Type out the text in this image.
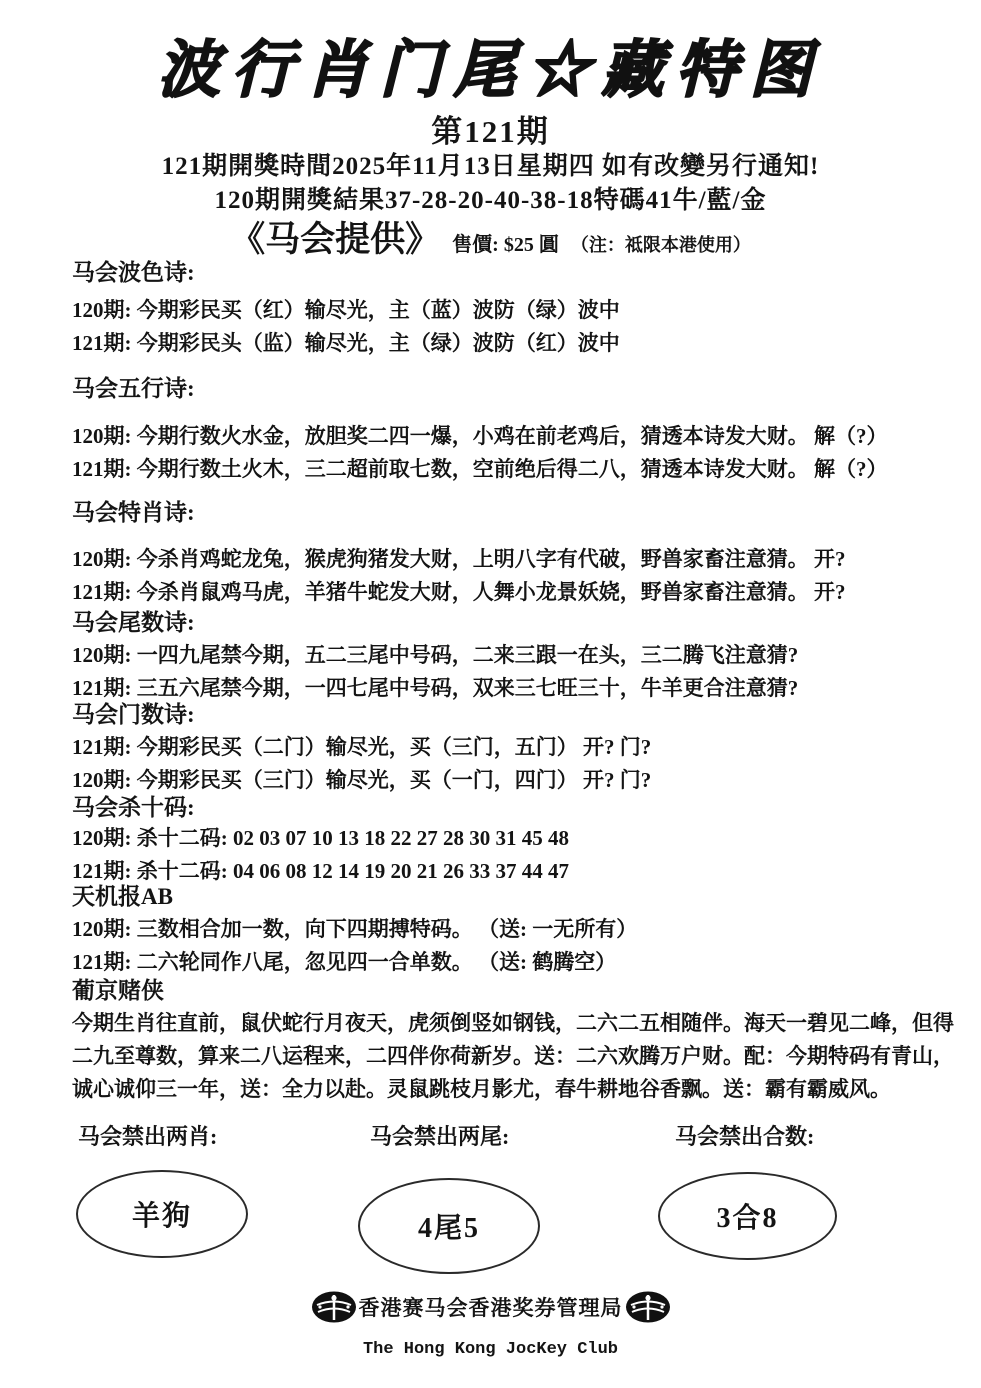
波行肖门尾☆藏特图
第121期
121期開獎時間2025年11月13日星期四 如有改變另行通知!
120期開獎結果37-28-20-40-38-18特碼41牛/藍/金
《马会提供》 售價: $25 圓 （注：祗限本港使用）
马会波色诗:
120期: 今期彩民买（红）输尽光，主（蓝）波防（绿）波中
121期: 今期彩民头（监）输尽光，主（绿）波防（红）波中
马会五行诗:
120期: 今期行数火水金，放胆奖二四一爆，小鸡在前老鸡后，猜透本诗发大财。 解（?）
121期: 今期行数土火木，三二超前取七数，空前绝后得二八，猜透本诗发大财。 解（?）
马会特肖诗:
120期: 今杀肖鸡蛇龙兔，猴虎狗猪发大财，上明八字有代破，野兽家畜注意猜。 开?
121期: 今杀肖鼠鸡马虎，羊猪牛蛇发大财，人舞小龙景妖娆，野兽家畜注意猜。 开?
马会尾数诗:
120期: 一四九尾禁今期，五二三尾中号码，二来三跟一在头，三二腾飞注意猜?
121期: 三五六尾禁今期，一四七尾中号码，双来三七旺三十，牛羊更合注意猜?
马会门数诗:
121期: 今期彩民买（二门）输尽光，买（三门，五门） 开? 门?
120期: 今期彩民买（三门）输尽光，买（一门，四门） 开? 门?
马会杀十码:
120期: 杀十二码: 02 03 07 10 13 18 22 27 28 30 31 45 48
121期: 杀十二码: 04 06 08 12 14 19 20 21 26 33 37 44 47
天机报AB
120期: 三数相合加一数，向下四期搏特码。 （送: 一无所有）
121期: 二六轮同作八尾，忽见四一合单数。 （送: 鹤腾空）
葡京赌侠
今期生肖往直前，鼠伏蛇行月夜天，虎须倒竖如钢钱，二六二五相随伴。海天一碧见二峰，但得
二九至尊数，算来二八运程来，二四伴你荷新岁。送：二六欢腾万户财。配：今期特码有青山，
诚心诚仰三一年，送：全力以赴。灵鼠跳枝月影尤，春牛耕地谷香飘。送：霸有霸威风。
马会禁出两肖:	马会禁出两尾:	马会禁出合数:
羊狗	4尾5	3合8
香港赛马会香港奖券管理局
The Hong Kong JocKey Club
